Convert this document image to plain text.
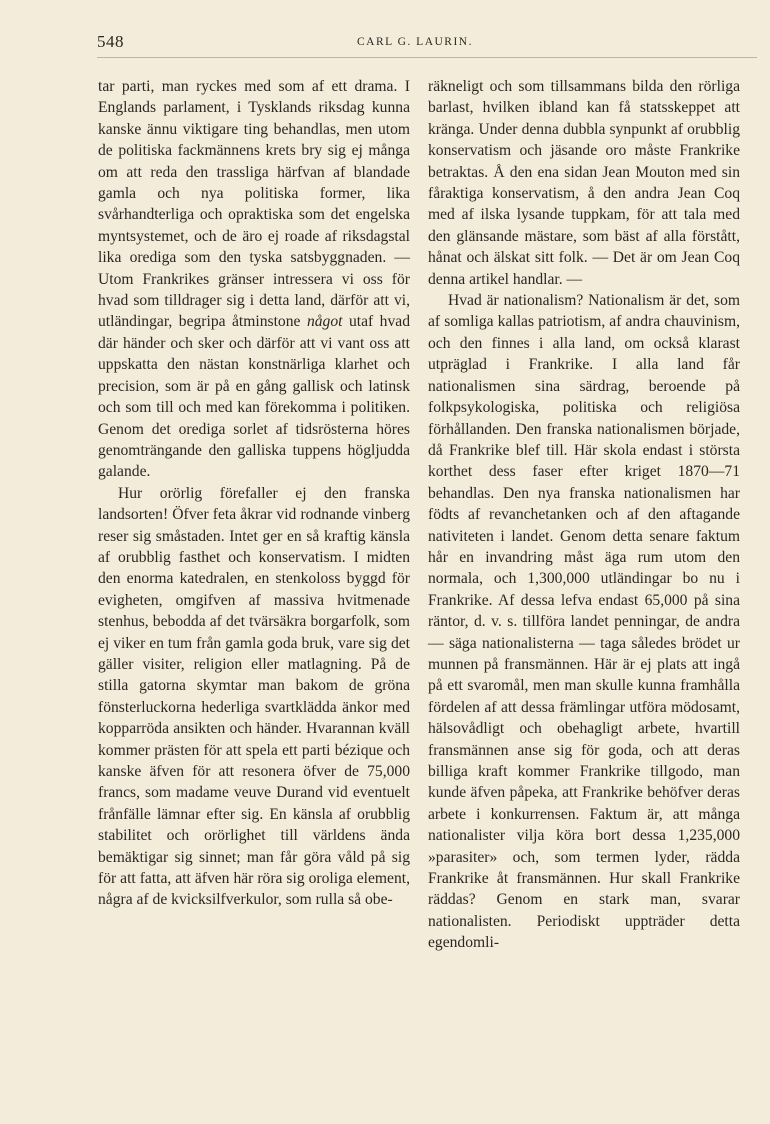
548	CARL G. LAURIN.

tar parti, man ryckes med som af ett drama. I Englands parlament, i Tysklands riksdag kunna kanske ännu viktigare ting behandlas, men utom de politiska fackmännens krets bry sig ej många om att reda den trassliga härfvan af blandade gamla och nya politiska former, lika svårhandterliga och opraktiska som det engelska myntsystemet, och de äro ej roade af riksdagstal lika orediga som den tyska satsbyggnaden. — Utom Frankrikes gränser intressera vi oss för hvad som tilldrager sig i detta land, därför att vi, utländingar, begripa åtminstone något utaf hvad där händer och sker och därför att vi vant oss att uppskatta den nästan konstnärliga klarhet och precision, som är på en gång gallisk och latinsk och som till och med kan förekomma i politiken. Genom det orediga sorlet af tidsrösterna höres genomträngande den galliska tuppens högljudda galande.

Hur orörlig förefaller ej den franska landsorten! Öfver feta åkrar vid rodnande vinberg reser sig småstaden. Intet ger en så kraftig känsla af orubblig fasthet och konservatism. I midten den enorma katedralen, en stenkoloss byggd för evigheten, omgifven af massiva hvitmenade stenhus, bebodda af det tvärsäkra borgarfolk, som ej viker en tum från gamla goda bruk, vare sig det gäller visiter, religion eller matlagning. På de stilla gatorna skymtar man bakom de gröna fönsterluckorna hederliga svartklädda änkor med kopparröda ansikten och händer. Hvarannan kväll kommer prästen för att spela ett parti bézique och kanske äfven för att resonera öfver de 75,000 francs, som madame veuve Durand vid eventuelt frånfälle lämnar efter sig. En känsla af orubblig stabilitet och orörlighet till världens ända bemäktigar sig sinnet; man får göra våld på sig för att fatta, att äfven här röra sig oroliga element, några af de kvicksilfverkulor, som rulla så obe-

räkneligt och som tillsammans bilda den rörliga barlast, hvilken ibland kan få statsskeppet att kränga. Under denna dubbla synpunkt af orubblig konservatism och jäsande oro måste Frankrike betraktas. Å den ena sidan Jean Mouton med sin fåraktiga konservatism, å den andra Jean Coq med af ilska lysande tuppkam, för att tala med den glänsande mästare, som bäst af alla förstått, hånat och älskat sitt folk. — Det är om Jean Coq denna artikel handlar. —

Hvad är nationalism? Nationalism är det, som af somliga kallas patriotism, af andra chauvinism, och den finnes i alla land, om också klarast utpräglad i Frankrike. I alla land får nationalismen sina särdrag, beroende på folkpsykologiska, politiska och religiösa förhållanden. Den franska nationalismen började, då Frankrike blef till. Här skola endast i största korthet dess faser efter kriget 1870—71 behandlas. Den nya franska nationalismen har födts af revanchetanken och af den aftagande nativiteten i landet. Genom detta senare faktum hår en invandring måst äga rum utom den normala, och 1,300,000 utländingar bo nu i Frankrike. Af dessa lefva endast 65,000 på sina räntor, d. v. s. tillföra landet penningar, de andra — säga nationalisterna — taga således brödet ur munnen på fransmännen. Här är ej plats att ingå på ett svaromål, men man skulle kunna framhålla fördelen af att dessa främlingar utföra mödosamt, hälsovådligt och obehagligt arbete, hvartill fransmännen anse sig för goda, och att deras billiga kraft kommer Frankrike tillgodo, man kunde äfven påpeka, att Frankrike behöfver deras arbete i konkurrensen. Faktum är, att många nationalister vilja köra bort dessa 1,235,000 »parasiter» och, som termen lyder, rädda Frankrike åt fransmännen. Hur skall Frankrike räddas? Genom en stark man, svarar nationalisten. Periodiskt uppträder detta egendomli-
